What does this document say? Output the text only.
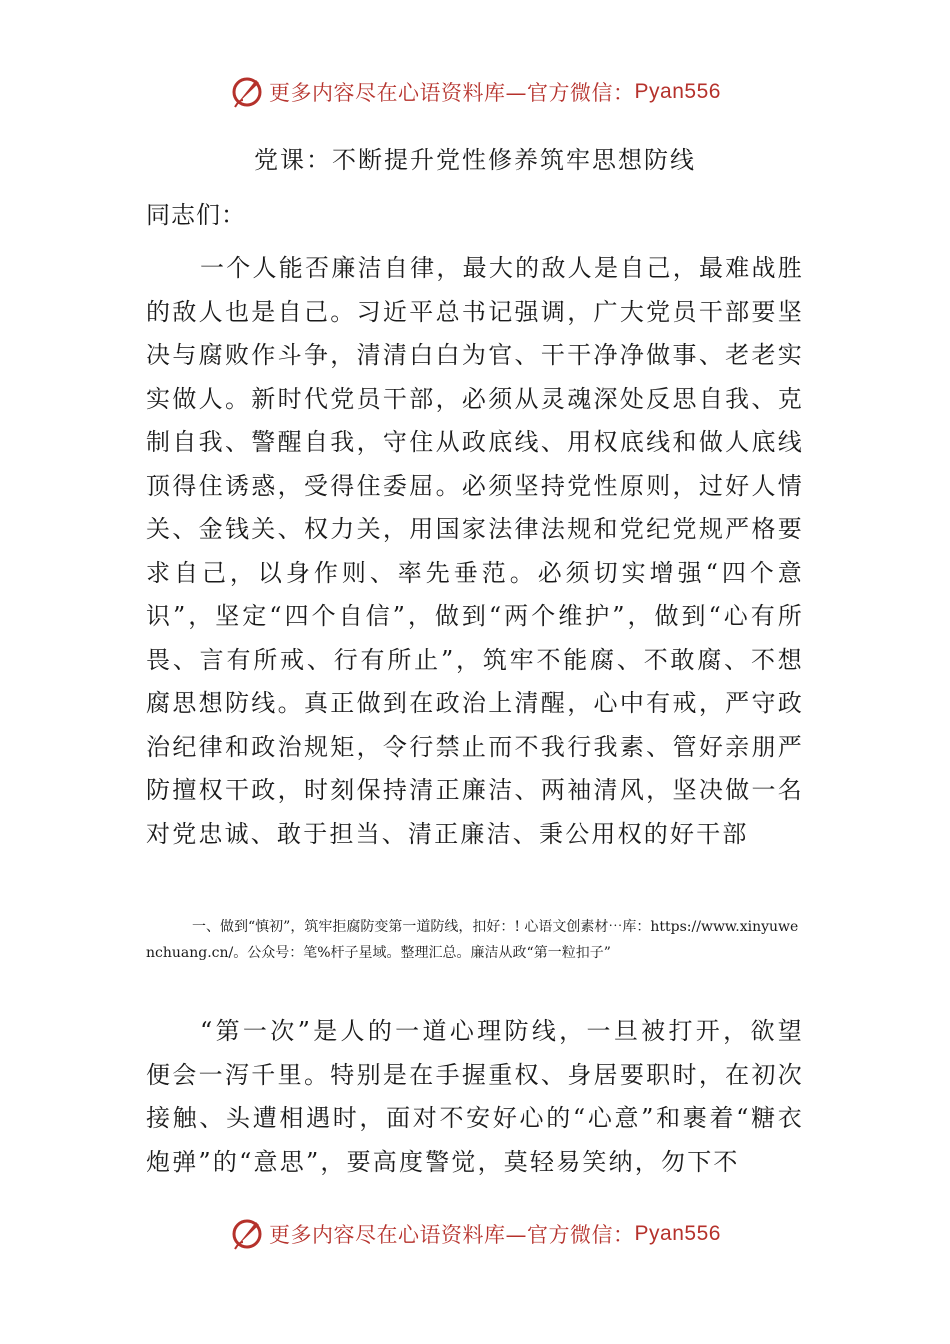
更多内容尽在心语资料库—官方微信： Pyan556
党课：不断提升党性修养筑牢思想防线
同志们：

一个人能否廉洁自律，最大的敌人是自己，最难战胜的敌人也是自己。习近平总书记强调，广大党员干部要坚决与腐败作斗争，清清白白为官、干干净净做事、老老实实做人。新时代党员干部，必须从灵魂深处反思自我、克制自我、警醒自我，守住从政底线、用权底线和做人底线顶得住诱惑，受得住委屈。必须坚持党性原则，过好人情关、金钱关、权力关，用国家法律法规和党纪党规严格要求自己，以身作则、率先垂范。必须切实增强“四个意识”，坚定“四个自信”，做到“两个维护”，做到“心有所畏、言有所戒、行有所止”，筑牢不能腐、不敢腐、不想腐思想防线。真正做到在政治上清醒，心中有戒，严守政治纪律和政治规矩，令行禁止而不我行我素、管好亲朋严防擅权干政，时刻保持清正廉洁、两袖清风，坚决做一名对党忠诚、敢于担当、清正廉洁、秉公用权的好干部

一、做到“慎初”，筑牢拒腐防变第一道防线，扣好：! 心语文创素材⋯库：https://www.xinyuwenchuang.cn/。公众号：笔%杆子星域。整理汇总。廉洁从政“第一粒扣子”

“第一次”是人的一道心理防线，一旦被打开，欲望便会一泻千里。特别是在手握重权、身居要职时，在初次接触、头遭相遇时，面对不安好心的“心意”和裹着“糖衣炮弹”的“意思”，要高度警觉，莫轻易笑纳，勿下不

更多内容尽在心语资料库—官方微信： Pyan556
